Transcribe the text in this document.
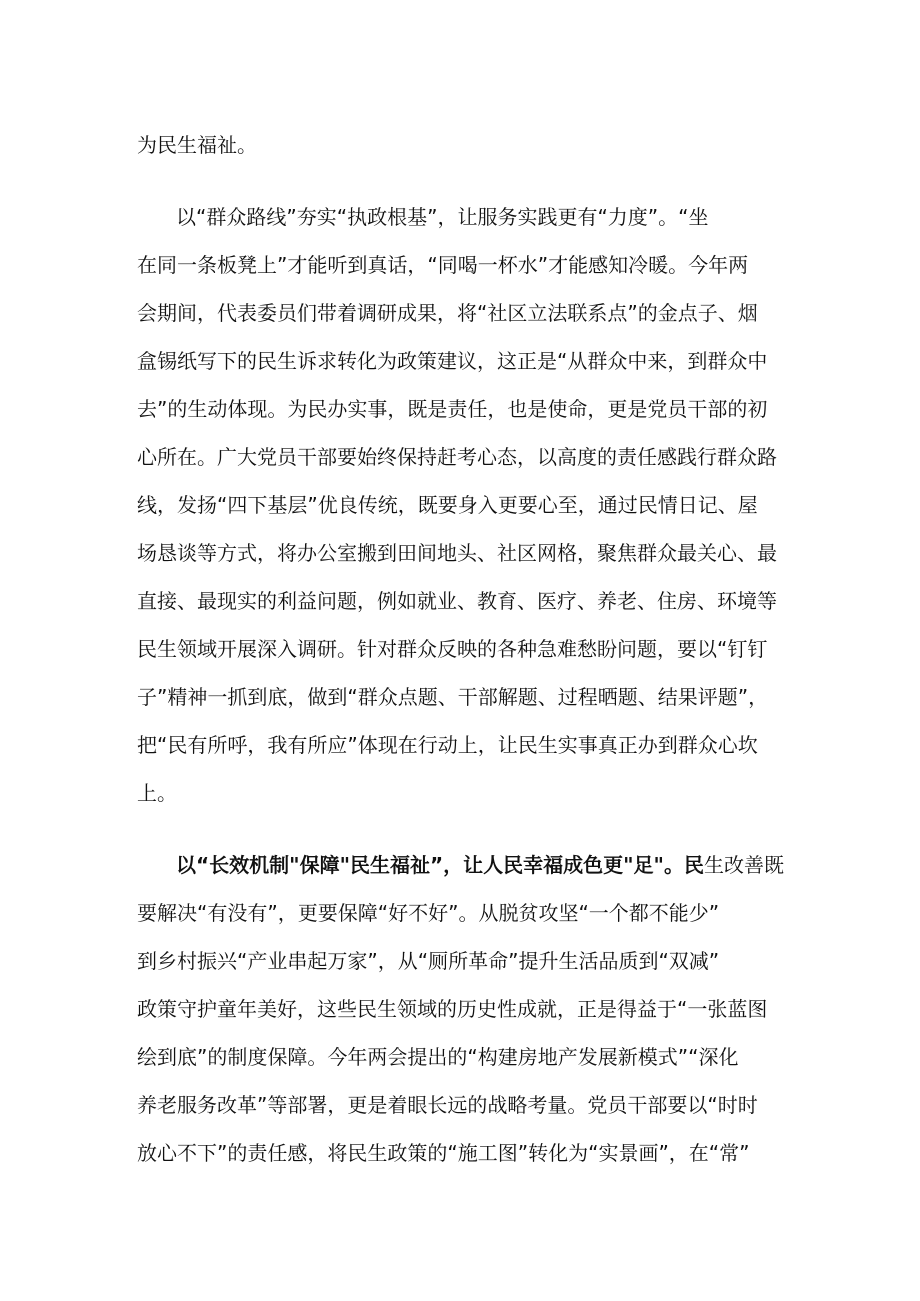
为民生福祉。
以“群众路线”夯实“执政根基”，让服务实践更有“力度”。“坐
在同一条板凳上”才能听到真话，“同喝一杯水”才能感知冷暖。今年两
会期间，代表委员们带着调研成果，将“社区立法联系点”的金点子、烟
盒锡纸写下的民生诉求转化为政策建议，这正是“从群众中来，到群众中
去”的生动体现。为民办实事，既是责任，也是使命，更是党员干部的初
心所在。广大党员干部要始终保持赶考心态，以高度的责任感践行群众路
线，发扬“四下基层”优良传统，既要身入更要心至，通过民情日记、屋
场恳谈等方式，将办公室搬到田间地头、社区网格，聚焦群众最关心、最
直接、最现实的利益问题，例如就业、教育、医疗、养老、住房、环境等
民生领域开展深入调研。针对群众反映的各种急难愁盼问题，要以“钉钉
子”精神一抓到底，做到“群众点题、干部解题、过程晒题、结果评题”，
把“民有所呼，我有所应”体现在行动上，让民生实事真正办到群众心坎
上。
以“长效机制"保障"民生福祉”，让人民幸福成色更"足"。民生改善既
要解决“有没有”，更要保障“好不好”。从脱贫攻坚“一个都不能少”
到乡村振兴“产业串起万家”，从“厕所革命”提升生活品质到“双减”
政策守护童年美好，这些民生领域的历史性成就，正是得益于“一张蓝图
绘到底”的制度保障。今年两会提出的“构建房地产发展新模式”“深化
养老服务改革”等部署，更是着眼长远的战略考量。党员干部要以“时时
放心不下”的责任感，将民生政策的“施工图”转化为“实景画”，在“常”
